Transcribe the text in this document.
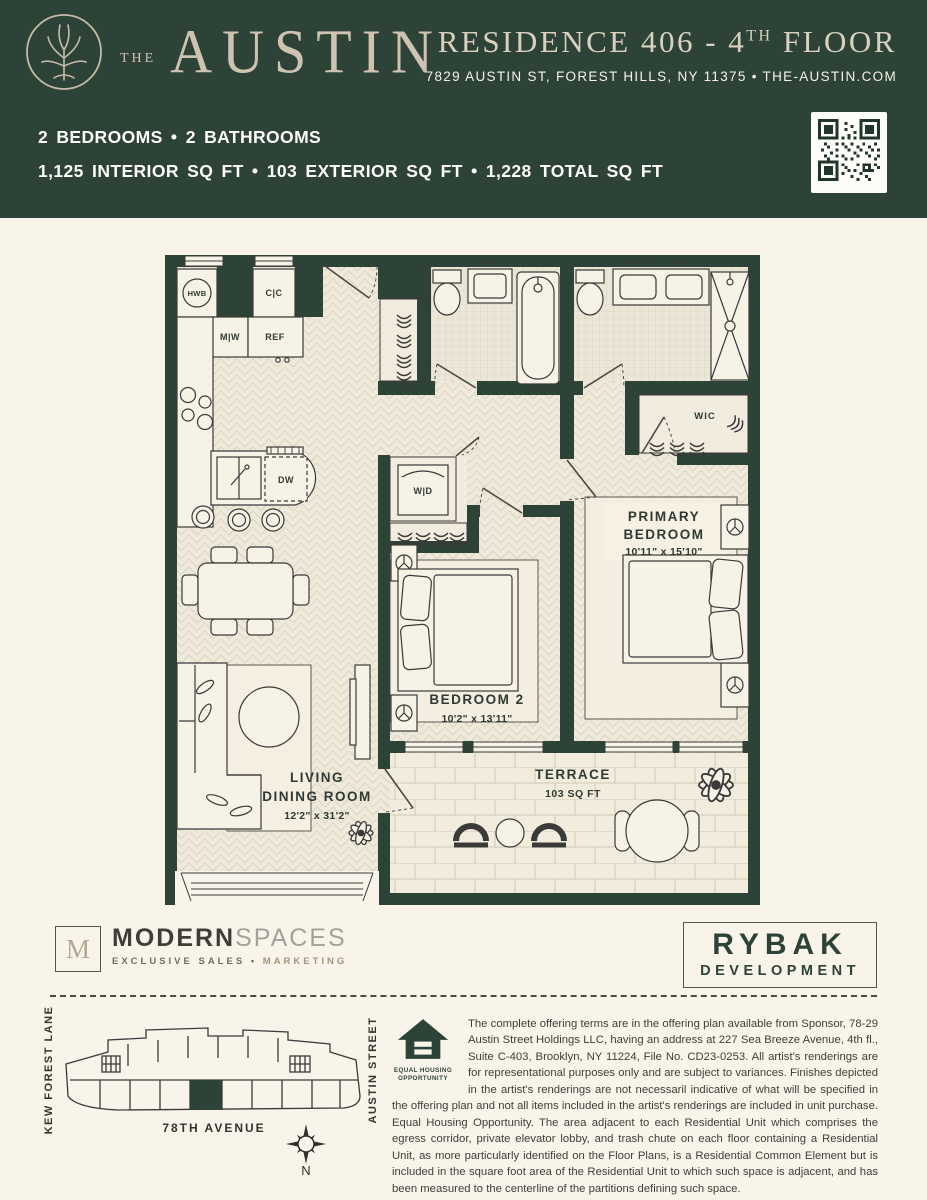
THE AUSTIN
RESIDENCE 406 - 4TH FLOOR
7829 AUSTIN ST, FOREST HILLS, NY 11375 • THE-AUSTIN.COM
2 BEDROOMS • 2 BATHROOMS
1,125 INTERIOR SQ FT • 103 EXTERIOR SQ FT • 1,228 TOTAL SQ FT
LIVING
DINING ROOM
12'2" x 31'2"
BEDROOM 2
10'2" x 13'11"
PRIMARY
BEDROOM
10'11" x 15'10"
TERRACE
103 SQ FT
WIC
HWB	C|C
M|W	REF
DW
W|D
M MODERNSPACES
EXCLUSIVE SALES • MARKETING
RYBAK
DEVELOPMENT
KEW FOREST LANE	AUSTIN STREET
78TH AVENUE
N
EQUAL HOUSING
OPPORTUNITY
The complete offering terms are in the offering plan available from Sponsor, 78-29 Austin Street Holdings LLC, having an address at 227 Sea Breeze Avenue, 4th fl., Suite C-403, Brooklyn, NY 11224, File No. CD23-0253. All artist's renderings are for representational purposes only and are subject to variances. Finishes depicted in the artist's renderings are not necessaril indicative of what will be specified in the offering plan and not all items included in the artist's renderings are included in unit purchase. Equal Housing Opportunity. The area adjacent to each Residential Unit which comprises the egress corridor, private elevator lobby, and trash chute on each floor containing a Residential Unit, as more particularly identified on the Floor Plans, is a Residential Common Element but is included in the square foot area of the Residential Unit to which such space is adjacent, and has been measured to the centerline of the partitions defining such space.
